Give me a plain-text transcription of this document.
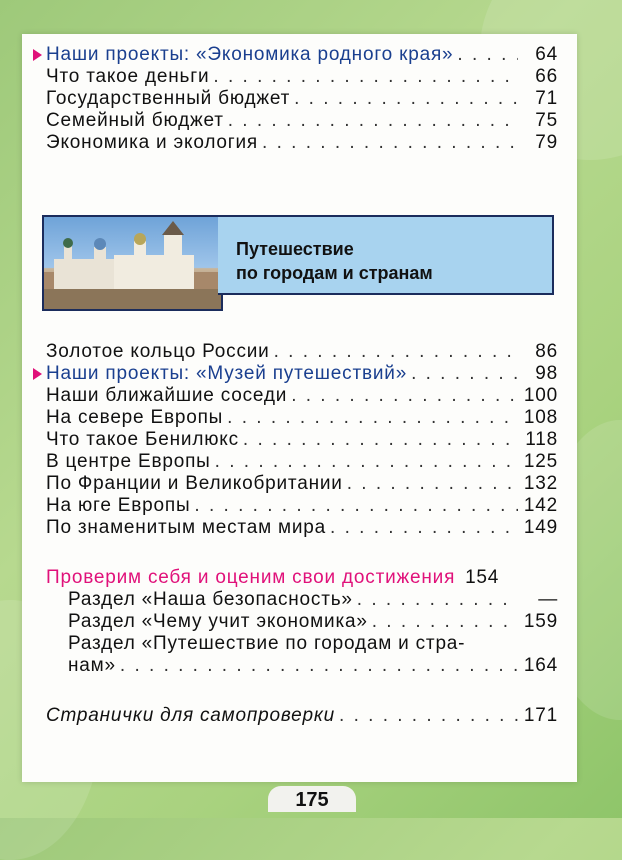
Наши проекты: «Экономика родного края» . . .	64
Что такое деньги . . .	66
Государственный бюджет . . .	71
Семейный бюджет . . .	75
Экономика и экология . . .	79
Путешествие
по городам и странам
Золотое кольцо России . . .	86
Наши проекты: «Музей путешествий» . . .	98
Наши ближайшие соседи . . .	100
На севере Европы . . .	108
Что такое Бенилюкс . . .	118
В центре Европы . . .	125
По Франции и Великобритании . . .	132
На юге Европы . . .	142
По знаменитым местам мира . . .	149
Проверим себя и оценим свои достижения 154
Раздел «Наша безопасность» . . .	—
Раздел «Чему учит экономика» . . .	159
Раздел «Путешествие по городам и стра-
нам» . . .	164
Странички для самопроверки . . .	171
175
